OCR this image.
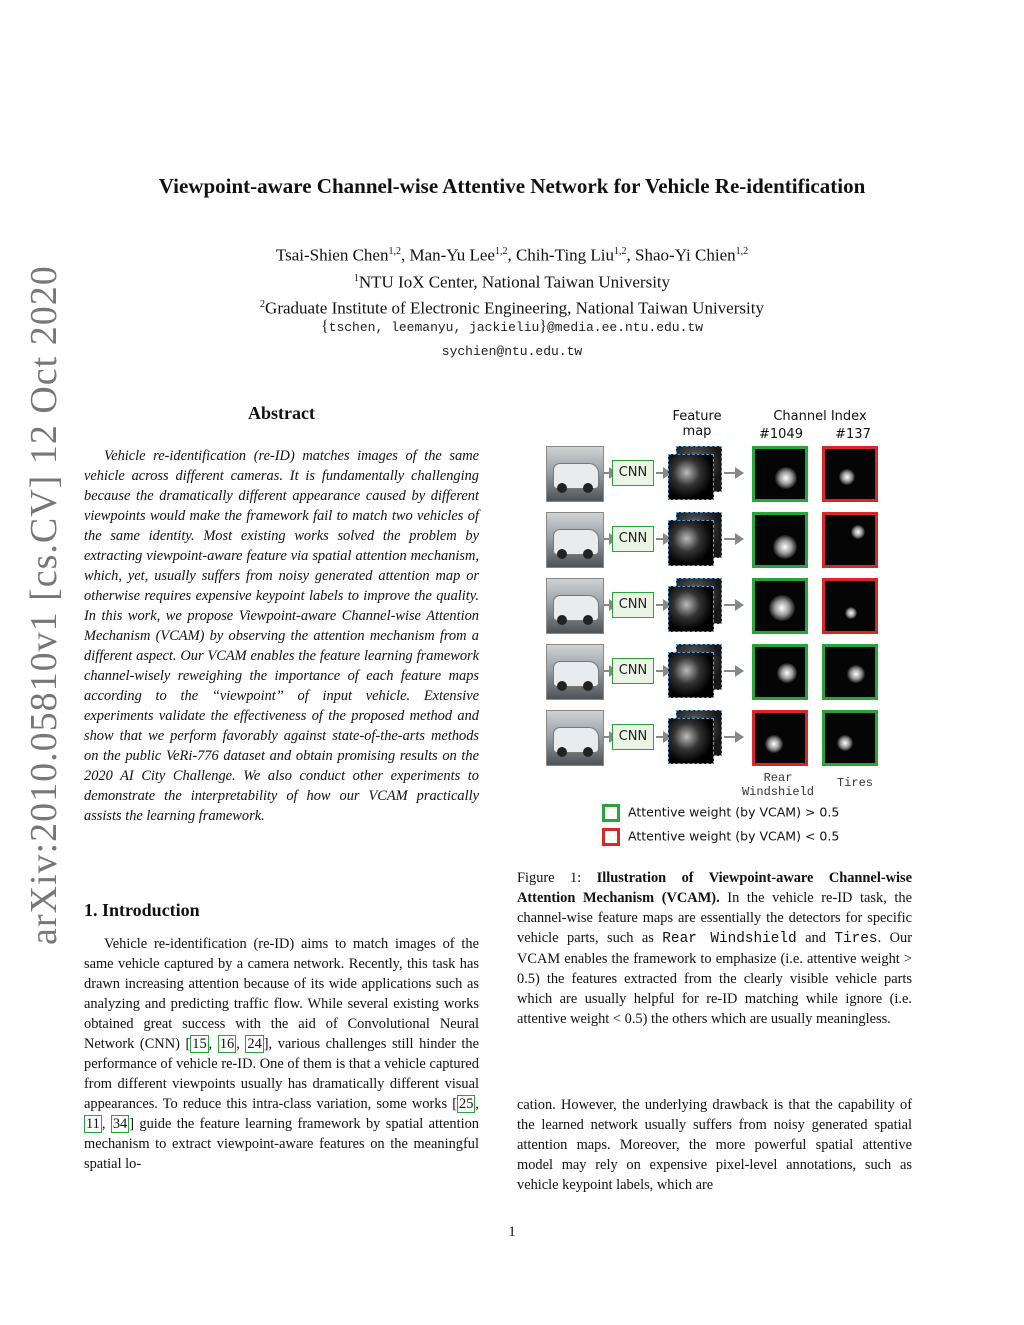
arXiv:2010.05810v1 [cs.CV] 12 Oct 2020
Viewpoint-aware Channel-wise Attentive Network for Vehicle Re-identification
Tsai-Shien Chen$^{1,2}$, Man-Yu Lee$^{1,2}$, Chih-Ting Liu$^{1,2}$, Shao-Yi Chien$^{1,2}$
$^1$NTU IoX Center, National Taiwan University
$^2$Graduate Institute of Electronic Engineering, National Taiwan University
{tschen, leemanyu, jackieliu}@media.ee.ntu.edu.tw
sychien@ntu.edu.tw
Abstract
Vehicle re-identification (re-ID) matches images of the same vehicle across different cameras. It is fundamentally challenging because the dramatically different appearance caused by different viewpoints would make the framework fail to match two vehicles of the same identity. Most existing works solved the problem by extracting viewpoint-aware feature via spatial attention mechanism, which, yet, usually suffers from noisy generated attention map or otherwise requires expensive keypoint labels to improve the quality. In this work, we propose Viewpoint-aware Channel-wise Attention Mechanism (VCAM) by observing the attention mechanism from a different aspect. Our VCAM enables the feature learning framework channel-wisely reweighing the importance of each feature maps according to the “viewpoint” of input vehicle. Extensive experiments validate the effectiveness of the proposed method and show that we perform favorably against state-of-the-arts methods on the public VeRi-776 dataset and obtain promising results on the 2020 AI City Challenge. We also conduct other experiments to demonstrate the interpretability of how our VCAM practically assists the learning framework.
1. Introduction
Vehicle re-identification (re-ID) aims to match images of the same vehicle captured by a camera network. Recently, this task has drawn increasing attention because of its wide applications such as analyzing and predicting traffic flow. While several existing works obtained great success with the aid of Convolutional Neural Network (CNN) [ 15 , 16 , 24 ], various challenges still hinder the performance of vehicle re-ID. One of them is that a vehicle captured from different viewpoints usually has dramatically different visual appearances. To reduce this intra-class variation, some works [ 25 , 11 , 34 ] guide the feature learning framework by spatial attention mechanism to extract viewpoint-aware features on the meaningful spatial lo-
Feature
map
Channel Index
#1049	#137
CNN
CNN
CNN
CNN
CNN
Rear
Windshield
Tires
Attentive weight (by VCAM) > 0.5
Attentive weight (by VCAM) < 0.5
Figure 1: Illustration of Viewpoint-aware Channel-wise Attention Mechanism (VCAM). In the vehicle re-ID task, the channel-wise feature maps are essentially the detectors for specific vehicle parts, such as Rear Windshield and Tires. Our VCAM enables the framework to emphasize (i.e. attentive weight > 0.5) the features extracted from the clearly visible vehicle parts which are usually helpful for re-ID matching while ignore (i.e. attentive weight < 0.5) the others which are usually meaningless.
cation. However, the underlying drawback is that the capability of the learned network usually suffers from noisy generated spatial attention maps. Moreover, the more powerful spatial attentive model may rely on expensive pixel-level annotations, such as vehicle keypoint labels, which are
1
